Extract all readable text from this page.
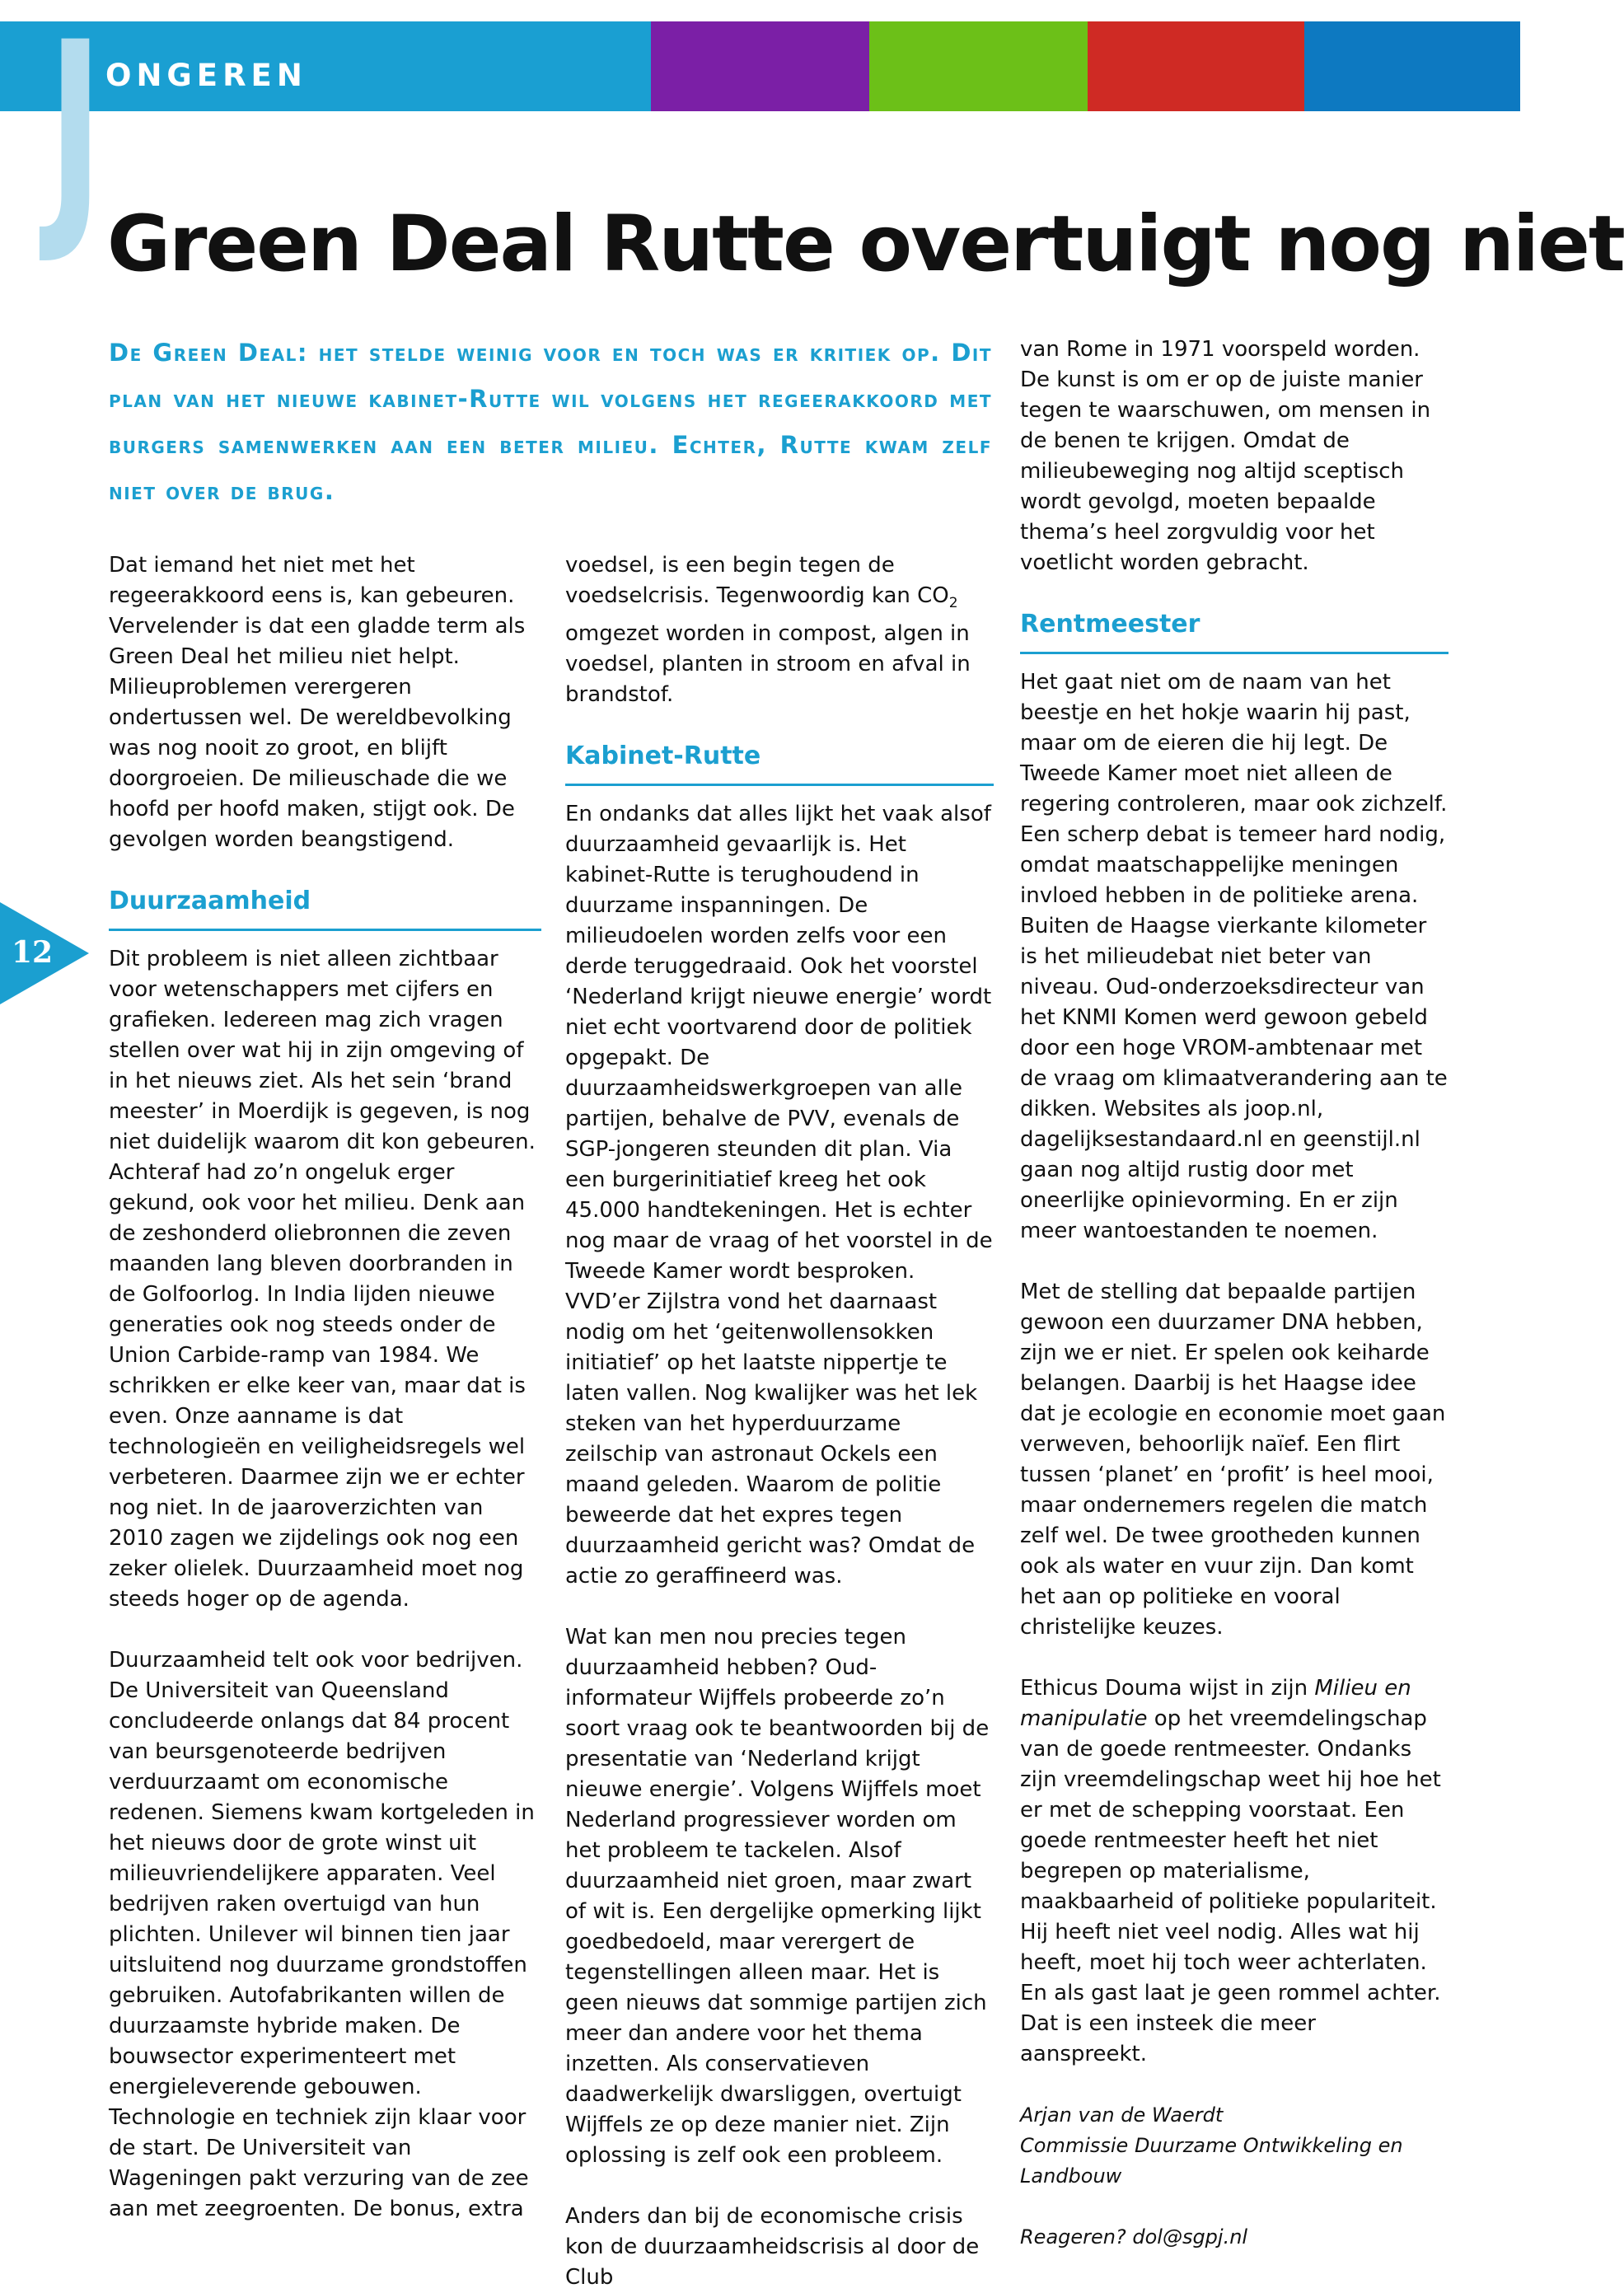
J ONGEREN
Green Deal Rutte overtuigt nog niet
De Green Deal: het stelde weinig voor en toch was er kritiek op. Dit plan van het nieuwe kabinet-Rutte wil volgens het regeerakkoord met burgers samenwerken aan een beter milieu. Echter, Rutte kwam zelf niet over de brug.
12

Dat iemand het niet met het regeerakkoord eens is, kan gebeuren. Vervelender is dat een gladde term als Green Deal het milieu niet helpt. Milieuproblemen verergeren ondertussen wel. De wereldbevolking was nog nooit zo groot, en blijft doorgroeien. De milieuschade die we hoofd per hoofd maken, stijgt ook. De gevolgen worden beangstigend.

Duurzaamheid

Dit probleem is niet alleen zichtbaar voor wetenschappers met cijfers en grafieken. Iedereen mag zich vragen stellen over wat hij in zijn omgeving of in het nieuws ziet. Als het sein ‘brand meester’ in Moerdijk is gegeven, is nog niet duidelijk waarom dit kon gebeuren. Achteraf had zo’n ongeluk erger gekund, ook voor het milieu. Denk aan de zeshonderd oliebronnen die zeven maanden lang bleven doorbranden in de Golfoorlog. In India lijden nieuwe generaties ook nog steeds onder de Union Carbide-ramp van 1984. We schrikken er elke keer van, maar dat is even. Onze aanname is dat technologieën en veiligheidsregels wel verbeteren. Daarmee zijn we er echter nog niet. In de jaaroverzichten van 2010 zagen we zijdelings ook nog een zeker olielek. Duurzaamheid moet nog steeds hoger op de agenda.

Duurzaamheid telt ook voor bedrijven. De Universiteit van Queensland concludeerde onlangs dat 84 procent van beursgenoteerde bedrijven verduurzaamt om economische redenen. Siemens kwam kortgeleden in het nieuws door de grote winst uit milieuvriendelijkere apparaten. Veel bedrijven raken overtuigd van hun plichten. Unilever wil binnen tien jaar uitsluitend nog duurzame grondstoffen gebruiken. Autofabrikanten willen de duurzaamste hybride maken. De bouwsector experimenteert met energieleverende gebouwen. Technologie en techniek zijn klaar voor de start. De Universiteit van Wageningen pakt verzuring van de zee aan met zeegroenten. De bonus, extra

voedsel, is een begin tegen de voedselcrisis. Tegenwoordig kan $CO_2$ omgezet worden in compost, algen in voedsel, planten in stroom en afval in brandstof.

Kabinet-Rutte

En ondanks dat alles lijkt het vaak alsof duurzaamheid gevaarlijk is. Het kabinet-Rutte is terughoudend in duurzame inspanningen. De milieudoelen worden zelfs voor een derde teruggedraaid. Ook het voorstel ‘Nederland krijgt nieuwe energie’ wordt niet echt voortvarend door de politiek opgepakt. De duurzaamheidswerkgroepen van alle partijen, behalve de PVV, evenals de SGP-jongeren steunden dit plan. Via een burgerinitiatief kreeg het ook 45.000 handtekeningen. Het is echter nog maar de vraag of het voorstel in de Tweede Kamer wordt besproken. VVD’er Zijlstra vond het daarnaast nodig om het ‘geitenwollensokken initiatief’ op het laatste nippertje te laten vallen. Nog kwalijker was het lek steken van het hyperduurzame zeilschip van astronaut Ockels een maand geleden. Waarom de politie beweerde dat het expres tegen duurzaamheid gericht was? Omdat de actie zo geraffineerd was.

Wat kan men nou precies tegen duurzaamheid hebben? Oud-informateur Wijffels probeerde zo’n soort vraag ook te beantwoorden bij de presentatie van ‘Nederland krijgt nieuwe energie’. Volgens Wijffels moet Nederland progressiever worden om het probleem te tackelen. Alsof duurzaamheid niet groen, maar zwart of wit is. Een dergelijke opmerking lijkt goedbedoeld, maar verergert de tegenstellingen alleen maar. Het is geen nieuws dat sommige partijen zich meer dan andere voor het thema inzetten. Als conservatieven daadwerkelijk dwarsliggen, overtuigt Wijffels ze op deze manier niet. Zijn oplossing is zelf ook een probleem.

Anders dan bij de economische crisis kon de duurzaamheidscrisis al door de Club

van Rome in 1971 voorspeld worden. De kunst is om er op de juiste manier tegen te waarschuwen, om mensen in de benen te krijgen. Omdat de milieubeweging nog altijd sceptisch wordt gevolgd, moeten bepaalde thema’s heel zorgvuldig voor het voetlicht worden gebracht.

Rentmeester

Het gaat niet om de naam van het beestje en het hokje waarin hij past, maar om de eieren die hij legt. De Tweede Kamer moet niet alleen de regering controleren, maar ook zichzelf. Een scherp debat is temeer hard nodig, omdat maatschappelijke meningen invloed hebben in de politieke arena. Buiten de Haagse vierkante kilometer is het milieudebat niet beter van niveau. Oud-onderzoeksdirecteur van het KNMI Komen werd gewoon gebeld door een hoge VROM-ambtenaar met de vraag om klimaatverandering aan te dikken. Websites als joop.nl, dagelijksestandaard.nl en geenstijl.nl gaan nog altijd rustig door met oneerlijke opinievorming. En er zijn meer wantoestanden te noemen.

Met de stelling dat bepaalde partijen gewoon een duurzamer DNA hebben, zijn we er niet. Er spelen ook keiharde belangen. Daarbij is het Haagse idee dat je ecologie en economie moet gaan verweven, behoorlijk naïef. Een flirt tussen ‘planet’ en ‘profit’ is heel mooi, maar ondernemers regelen die match zelf wel. De twee grootheden kunnen ook als water en vuur zijn. Dan komt het aan op politieke en vooral christelijke keuzes.

Ethicus Douma wijst in zijn Milieu en manipulatie op het vreemdelingschap van de goede rentmeester. Ondanks zijn vreemdelingschap weet hij hoe het er met de schepping voorstaat. Een goede rentmeester heeft het niet begrepen op materialisme, maakbaarheid of politieke populariteit. Hij heeft niet veel nodig. Alles wat hij heeft, moet hij toch weer achterlaten. En als gast laat je geen rommel achter. Dat is een insteek die meer aanspreekt.

Arjan van de Waerdt
Commissie Duurzame Ontwikkeling en Landbouw
Reageren? dol@sgpj.nl
